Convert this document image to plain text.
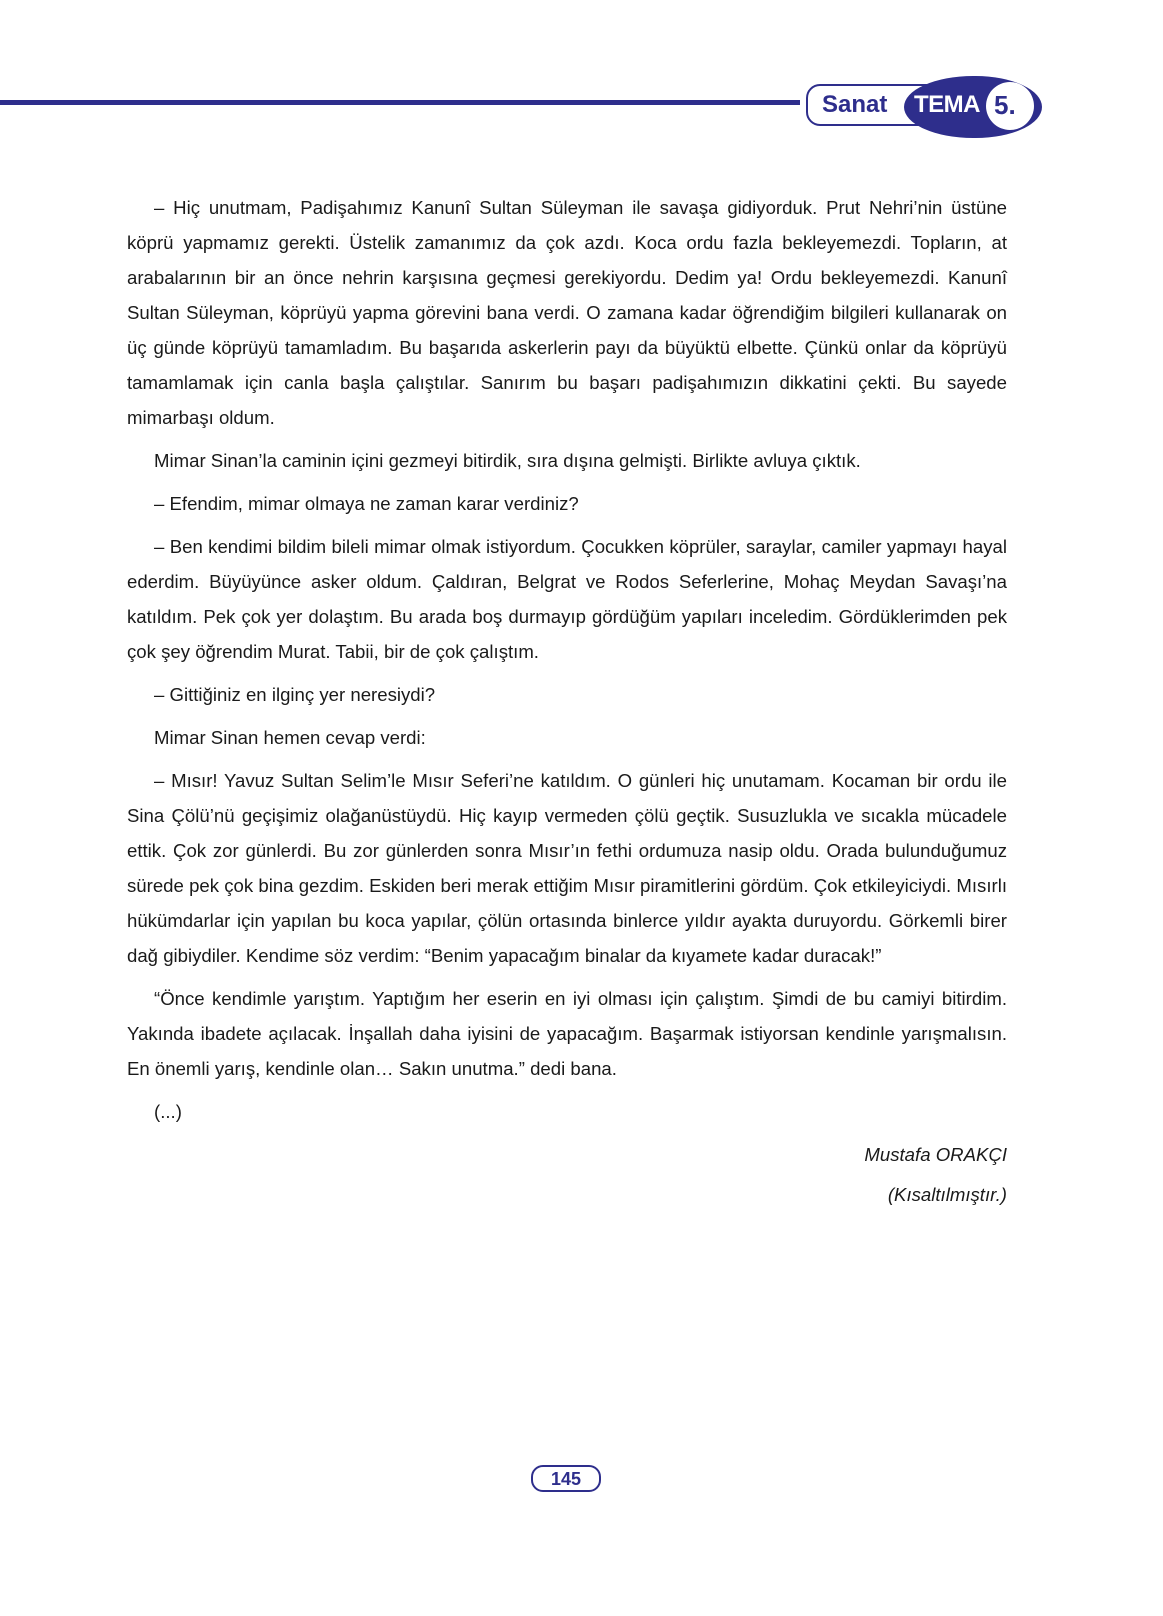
Sanat TEMA 5.

– Hiç unutmam, Padişahımız Kanunî Sultan Süleyman ile savaşa gidiyorduk. Prut Nehri’nin üstüne köprü yapmamız gerekti. Üstelik zamanımız da çok azdı. Koca ordu fazla bekleyemezdi. Topların, at arabalarının bir an önce nehrin karşısına geçmesi gerekiyordu. Dedim ya! Ordu bekleyemezdi. Kanunî Sultan Süleyman, köprüyü yapma görevini bana verdi. O zamana kadar öğrendiğim bilgileri kullanarak on üç günde köprüyü tamamladım. Bu başarıda askerlerin payı da büyüktü elbette. Çünkü onlar da köprüyü tamamlamak için canla başla çalıştılar. Sanırım bu başarı padişahımızın dikkatini çekti. Bu sayede mimarbaşı oldum.

Mimar Sinan’la caminin içini gezmeyi bitirdik, sıra dışına gelmişti. Birlikte avluya çıktık.

– Efendim, mimar olmaya ne zaman karar verdiniz?

– Ben kendimi bildim bileli mimar olmak istiyordum. Çocukken köprüler, saraylar, camiler yapmayı hayal ederdim. Büyüyünce asker oldum. Çaldıran, Belgrat ve Rodos Seferlerine, Mohaç Meydan Savaşı’na katıldım. Pek çok yer dolaştım. Bu arada boş durmayıp gördüğüm yapıları inceledim. Gördüklerimden pek çok şey öğrendim Murat. Tabii, bir de çok çalıştım.

– Gittiğiniz en ilginç yer neresiydi?

Mimar Sinan hemen cevap verdi:

– Mısır! Yavuz Sultan Selim’le Mısır Seferi’ne katıldım. O günleri hiç unutamam. Kocaman bir ordu ile Sina Çölü’nü geçişimiz olağanüstüydü. Hiç kayıp vermeden çölü geçtik. Susuzlukla ve sıcakla mücadele ettik. Çok zor günlerdi. Bu zor günlerden sonra Mısır’ın fethi ordumuza nasip oldu. Orada bulunduğumuz sürede pek çok bina gezdim. Eskiden beri merak ettiğim Mısır piramitlerini gördüm. Çok etkileyiciydi. Mısırlı hükümdarlar için yapılan bu koca yapılar, çölün ortasında binlerce yıldır ayakta duruyordu. Görkemli birer dağ gibiydiler. Kendime söz verdim: “Benim yapacağım binalar da kıyamete kadar duracak!”

“Önce kendimle yarıştım. Yaptığım her eserin en iyi olması için çalıştım. Şimdi de bu camiyi bitirdim. Yakında ibadete açılacak. İnşallah daha iyisini de yapacağım. Başarmak istiyorsan kendinle yarışmalısın. En önemli yarış, kendinle olan… Sakın unutma.” dedi bana.

(...)

Mustafa ORAKÇI
(Kısaltılmıştır.)
145
